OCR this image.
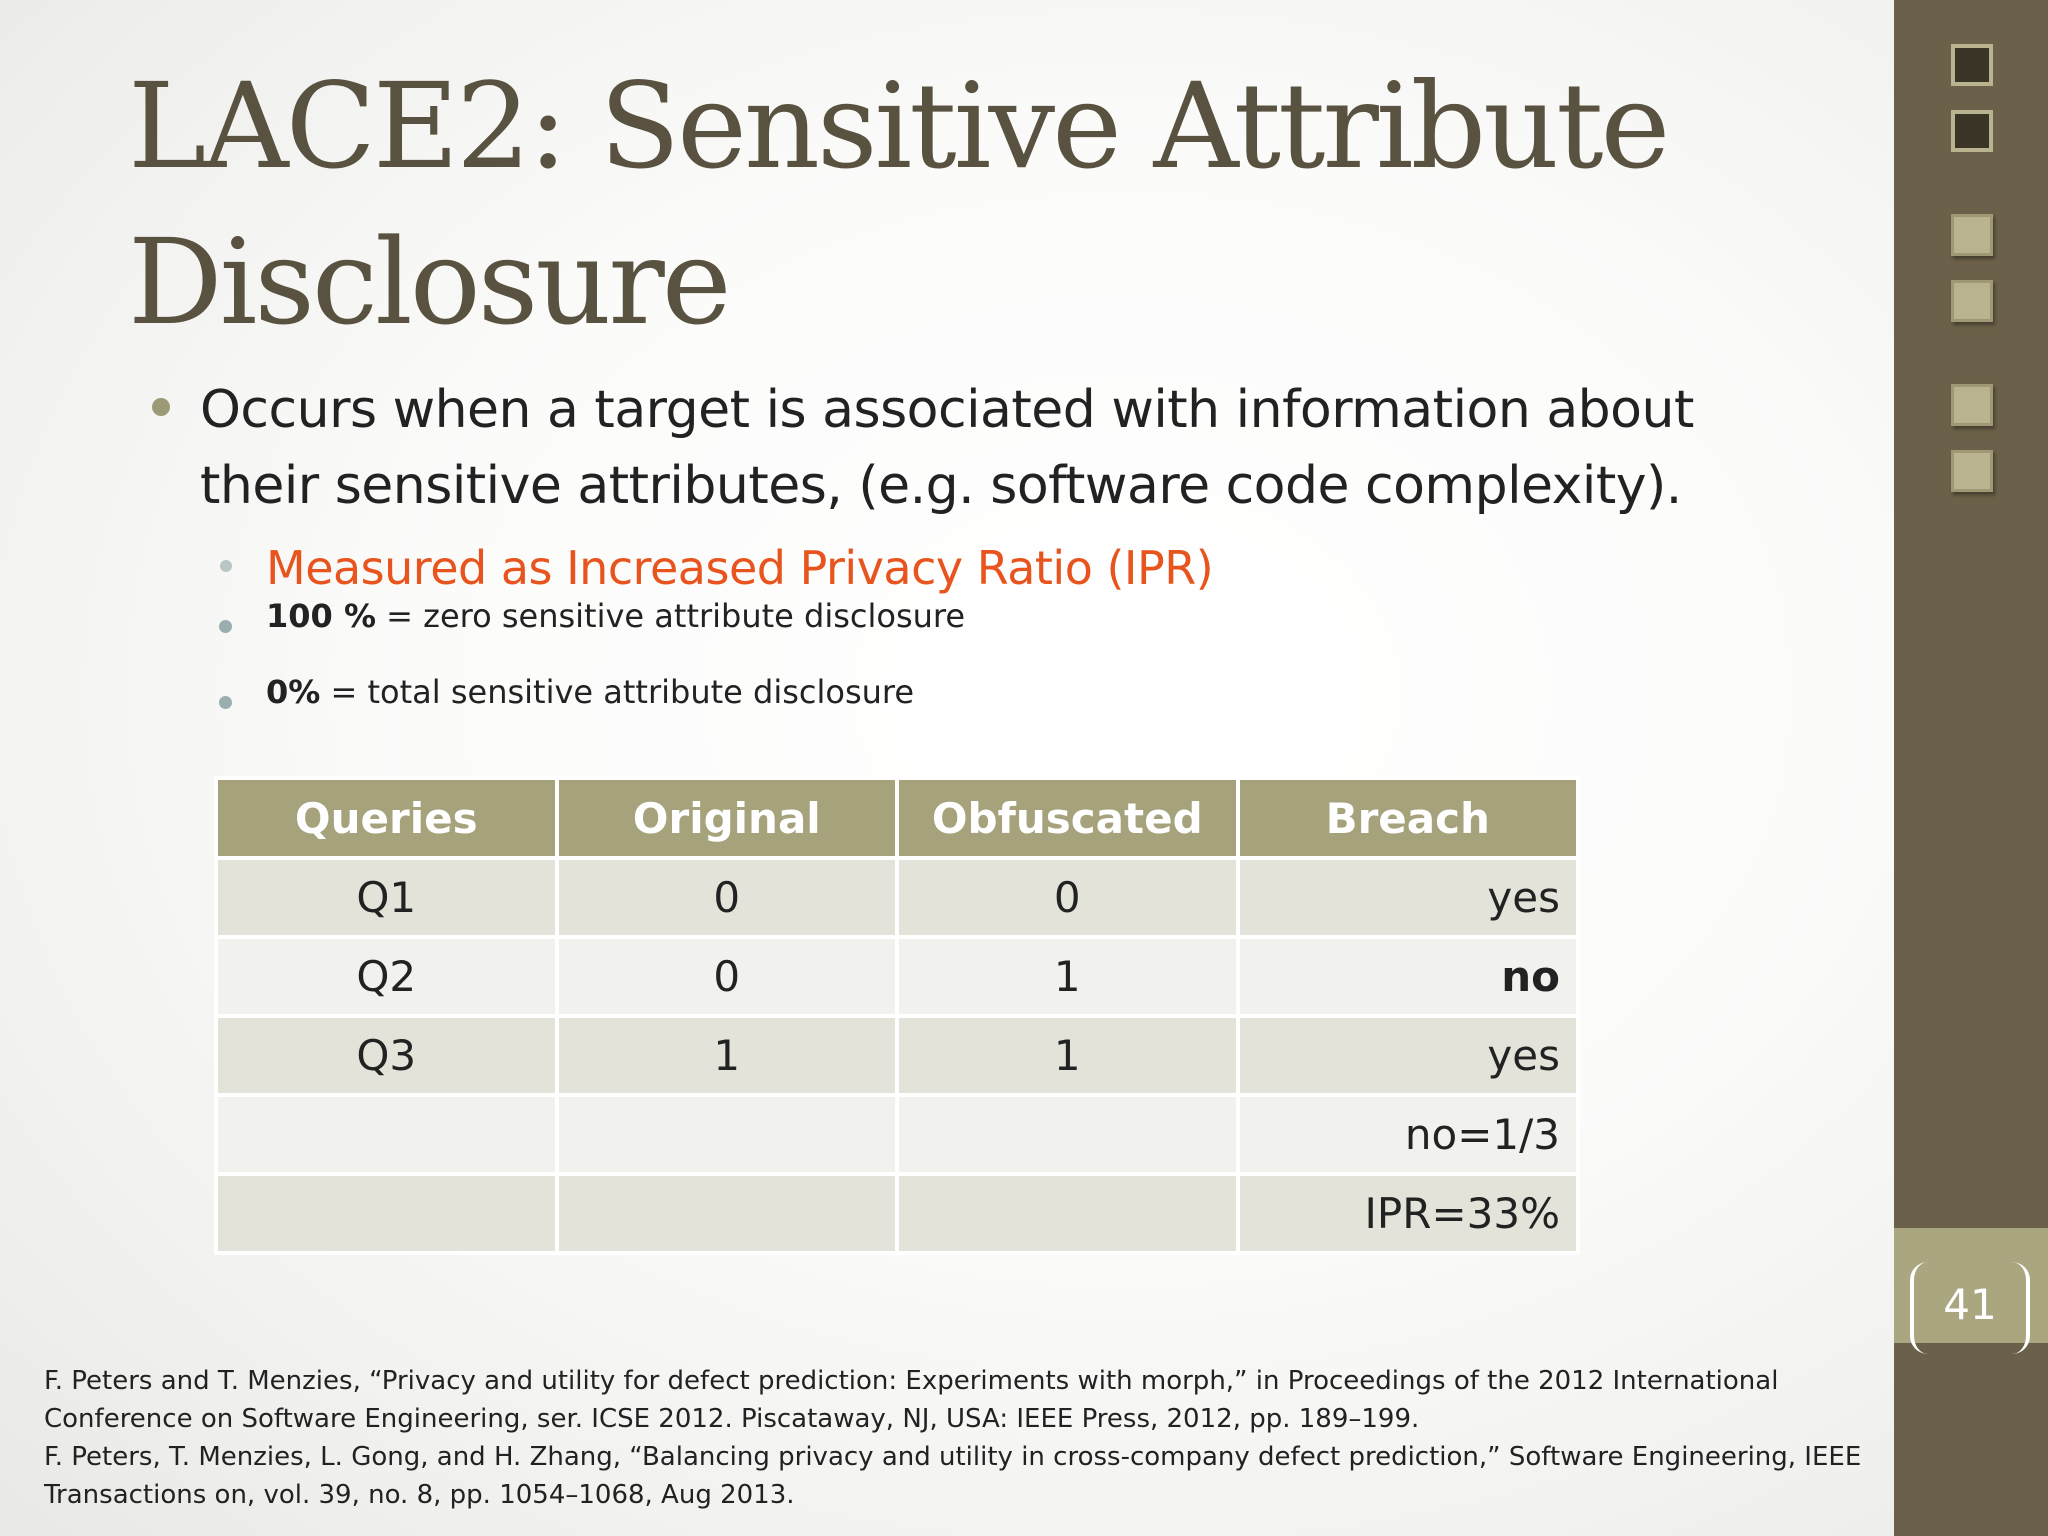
LACE2: Sensitive Attribute
Disclosure
Occurs when a target is associated with information about their sensitive attributes, (e.g. software code complexity).
Measured as Increased Privacy Ratio (IPR)
100 % = zero sensitive attribute disclosure
0% = total sensitive attribute disclosure
Queries	Original	Obfuscated	Breach
Q1	0	0	yes
Q2	0	1	no
Q3	1	1	yes
			no=1/3
			IPR=33%

F. Peters and T. Menzies, “Privacy and utility for defect prediction: Experiments with morph,” in Proceedings of the 2012 International Conference on Software Engineering, ser. ICSE 2012. Piscataway, NJ, USA: IEEE Press, 2012, pp. 189–199.

F. Peters, T. Menzies, L. Gong, and H. Zhang, “Balancing privacy and utility in cross-company defect prediction,” Software Engineering, IEEE Transactions on, vol. 39, no. 8, pp. 1054–1068, Aug 2013.

41
